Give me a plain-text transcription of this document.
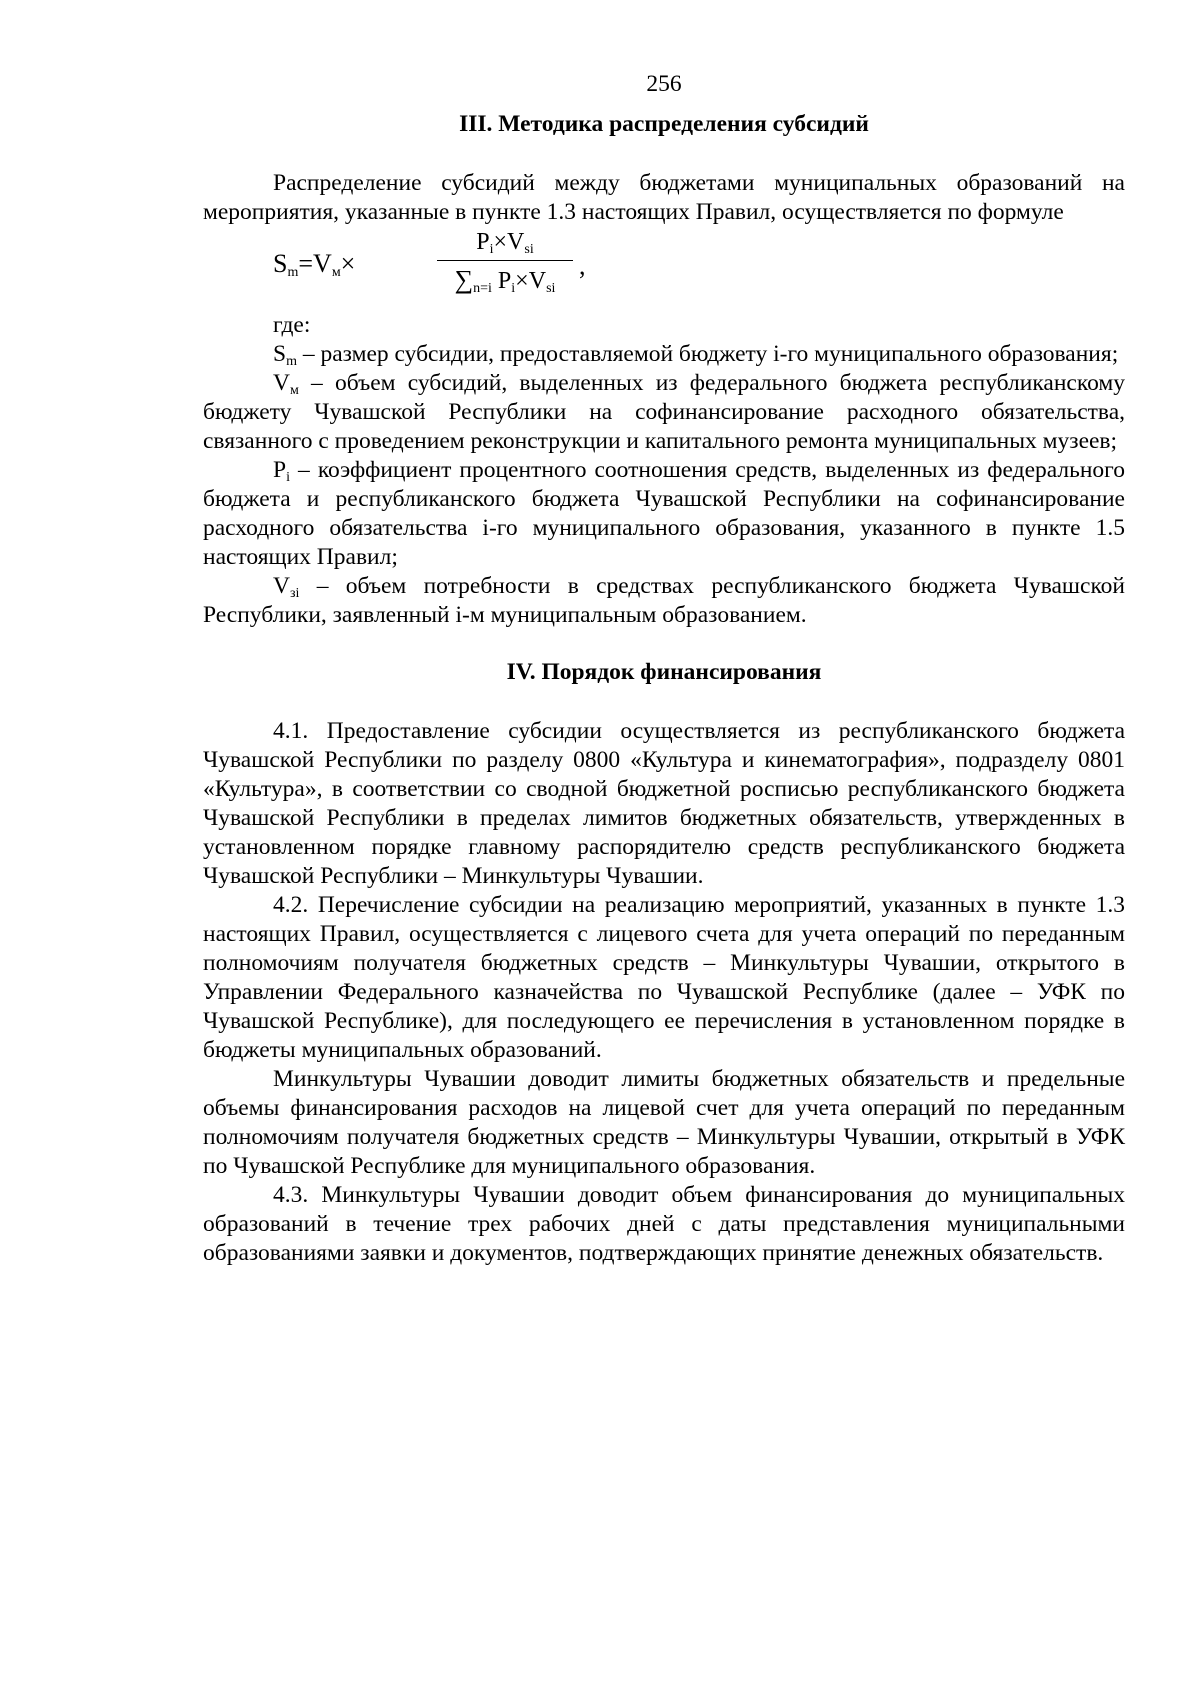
256
III. Методика распределения субсидий

Распределение субсидий между бюджетами муниципальных образований на мероприятия, указанные в пункте 1.3 настоящих Правил, осуществляется по формуле

$S_m=V_м\times$
$P_i\times V_{si}$
$\sum_{n=i}$ $P_i\times V_{si}$
,

где:

$S_m$ – размер субсидии, предоставляемой бюджету i-го муниципального образования;

$V_м$ – объем субсидий, выделенных из федерального бюджета республиканскому бюджету Чувашской Республики на софинансирование расходного обязательства, связанного с проведением реконструкции и капитального ремонта муниципальных музеев;

$P_i$ – коэффициент процентного соотношения средств, выделенных из федерального бюджета и республиканского бюджета Чувашской Республики на софинансирование расходного обязательства i-го муниципального образования, указанного в пункте 1.5 настоящих Правил;

$V_{зi}$ – объем потребности в средствах республиканского бюджета Чувашской Республики, заявленный i-м муниципальным образованием.

IV. Порядок финансирования

4.1. Предоставление субсидии осуществляется из республиканского бюджета Чувашской Республики по разделу 0800 «Культура и кинематография», подразделу 0801 «Культура», в соответствии со сводной бюджетной росписью республиканского бюджета Чувашской Республики в пределах лимитов бюджетных обязательств, утвержденных в установленном порядке главному распорядителю средств республиканского бюджета Чувашской Республики – Минкультуры Чувашии.

4.2. Перечисление субсидии на реализацию мероприятий, указанных в пункте 1.3 настоящих Правил, осуществляется с лицевого счета для учета операций по переданным полномочиям получателя бюджетных средств – Минкультуры Чувашии, открытого в Управлении Федерального казначейства по Чувашской Республике (далее – УФК по Чувашской Республике), для последующего ее перечисления в установленном порядке в бюджеты муниципальных образований.

Минкультуры Чувашии доводит лимиты бюджетных обязательств и предельные объемы финансирования расходов на лицевой счет для учета операций по переданным полномочиям получателя бюджетных средств – Минкультуры Чувашии, открытый в УФК по Чувашской Республике для муниципального образования.

4.3. Минкультуры Чувашии доводит объем финансирования до муниципальных образований в течение трех рабочих дней с даты представления муниципальными образованиями заявки и документов, подтверждающих принятие денежных обязательств.
